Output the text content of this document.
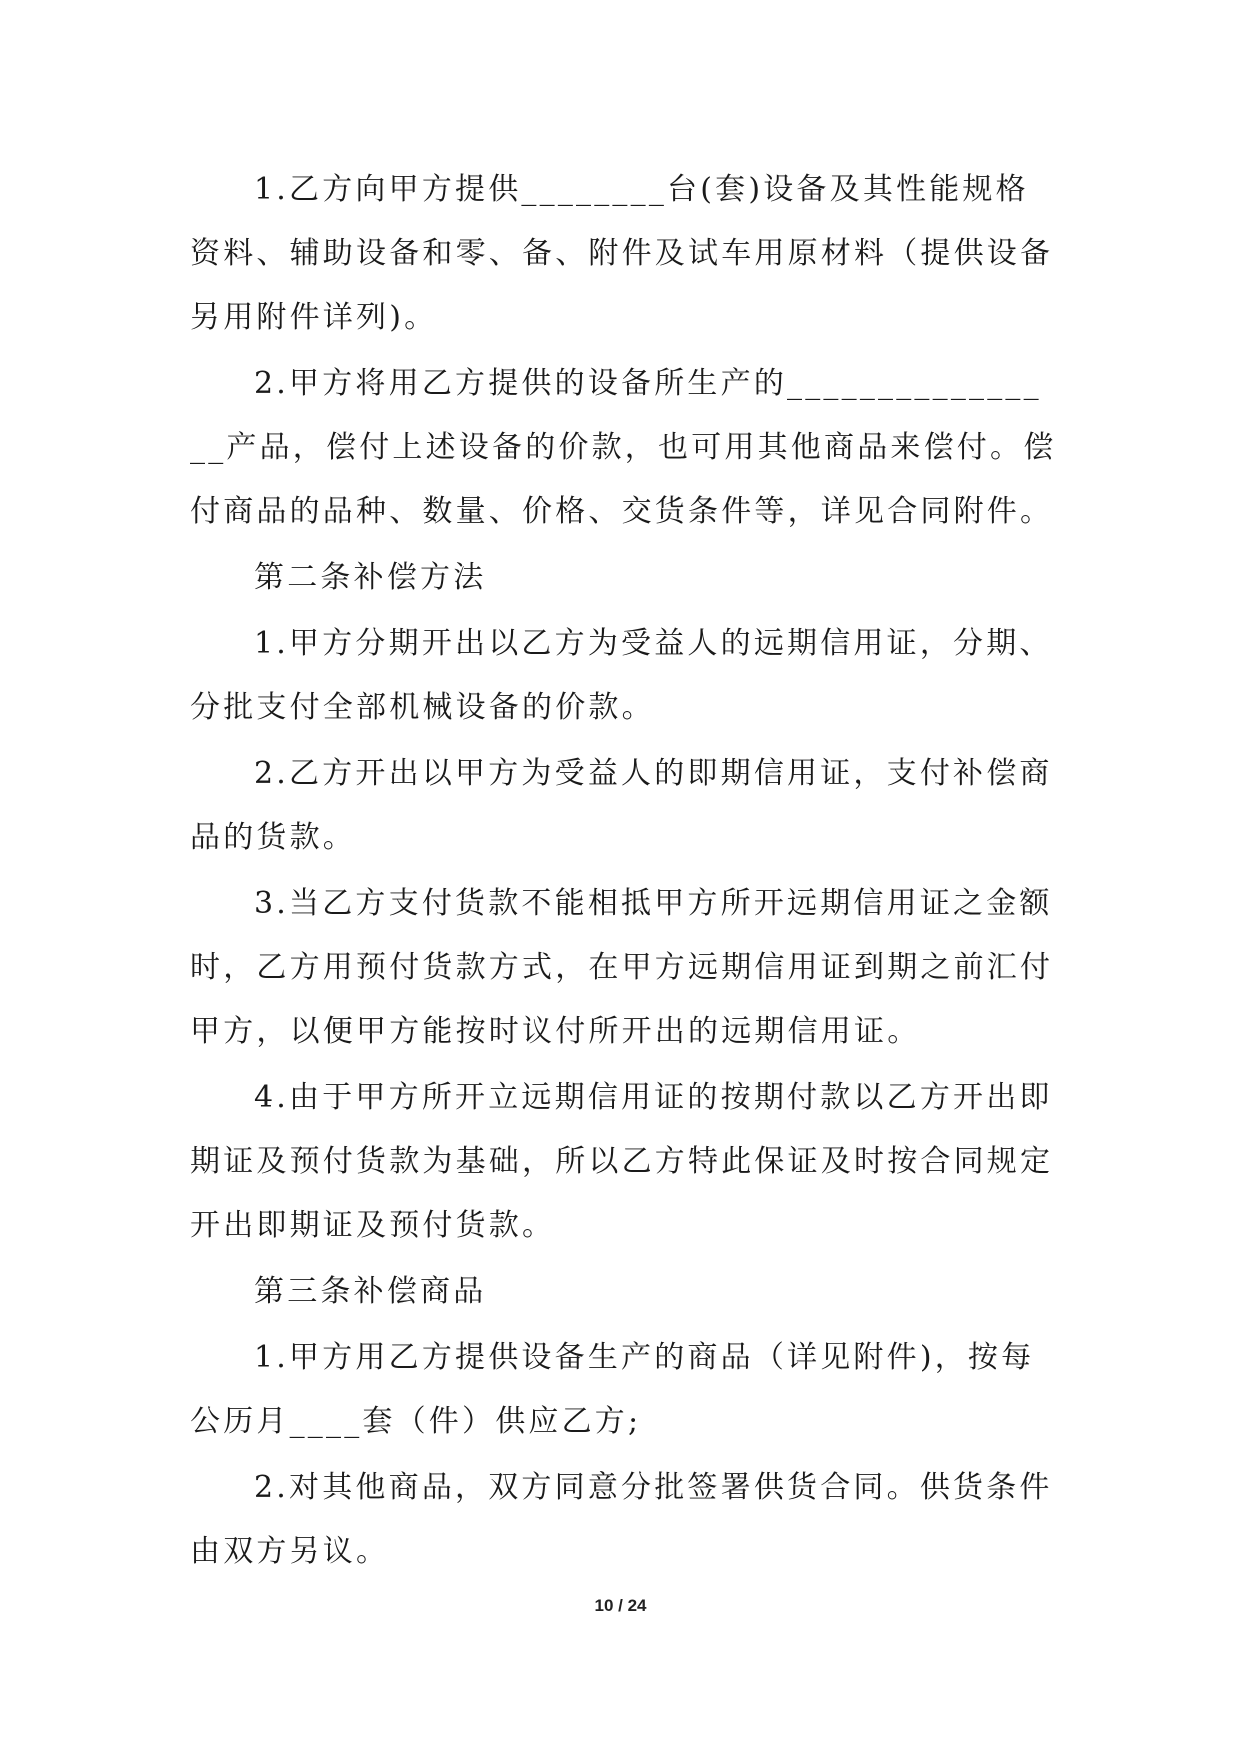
1.乙方向甲方提供________台(套)设备及其性能规格资料、辅助设备和零、备、附件及试车用原材料（提供设备另用附件详列)。

2.甲方将用乙方提供的设备所生产的________________产品，偿付上述设备的价款，也可用其他商品来偿付。偿付商品的品种、数量、价格、交货条件等，详见合同附件。

第二条补偿方法

1.甲方分期开出以乙方为受益人的远期信用证，分期、分批支付全部机械设备的价款。

2.乙方开出以甲方为受益人的即期信用证，支付补偿商品的货款。

3.当乙方支付货款不能相抵甲方所开远期信用证之金额时，乙方用预付货款方式，在甲方远期信用证到期之前汇付甲方，以便甲方能按时议付所开出的远期信用证。

4.由于甲方所开立远期信用证的按期付款以乙方开出即期证及预付货款为基础，所以乙方特此保证及时按合同规定开出即期证及预付货款。

第三条补偿商品

1.甲方用乙方提供设备生产的商品（详见附件)，按每公历月____套（件）供应乙方;

2.对其他商品，双方同意分批签署供货合同。供货条件由双方另议。

10 / 24
